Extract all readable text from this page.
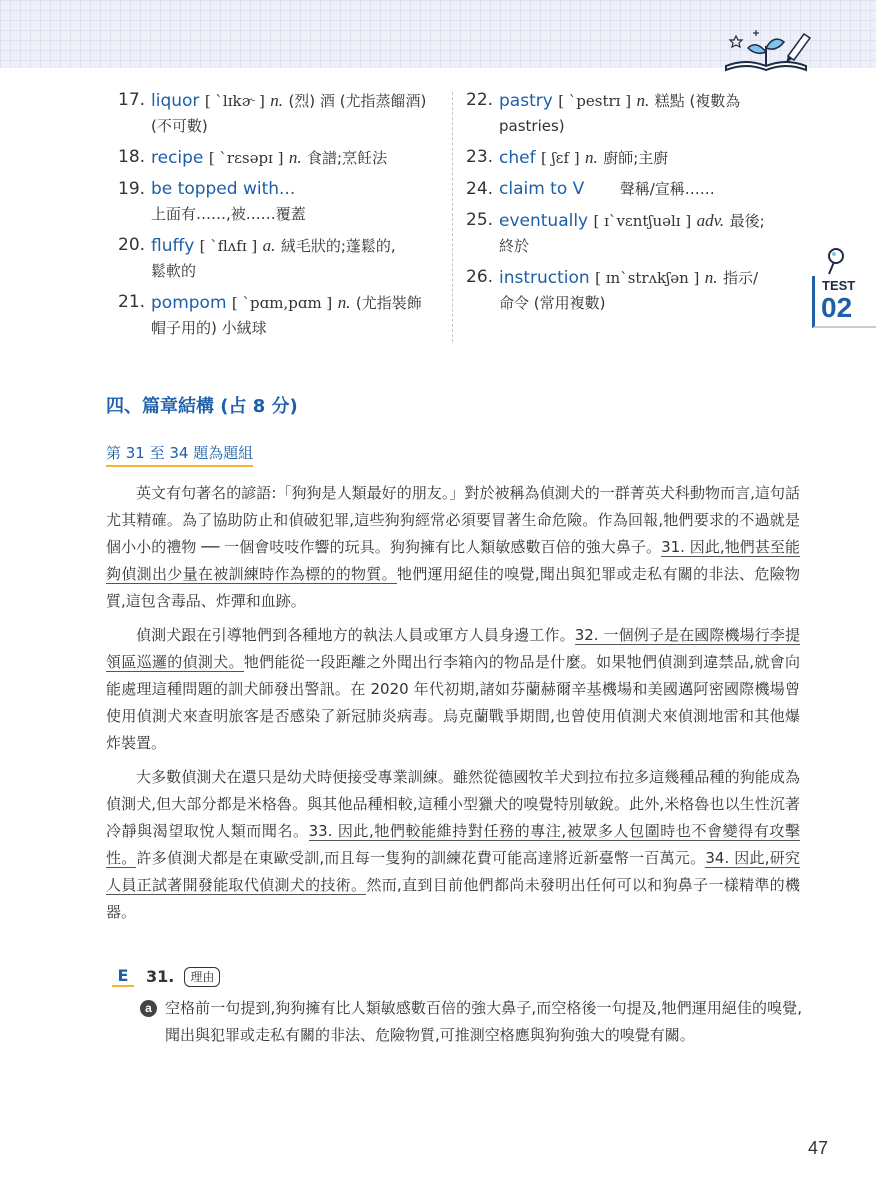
17. liquor [ ˋlɪkɚ ] n. (烈) 酒 (尤指蒸餾酒)
(不可數)
18. recipe [ ˋrɛsəpɪ ] n. 食譜;烹飪法
19. be topped with...
上面有……,被……覆蓋
20. fluffy [ ˋflʌfɪ ] a. 絨毛狀的;蓬鬆的,
鬆軟的
21. pompom [ ˋpɑm,pɑm ] n. (尤指裝飾
帽子用的) 小絨球
22. pastry [ ˋpestrɪ ] n. 糕點 (複數為
pastries)
23. chef [ ʃɛf ] n. 廚師;主廚
24. claim to V 聲稱/宣稱……
25. eventually [ ɪˋvɛntʃuəlɪ ] adv. 最後;
終於
26. instruction [ ɪnˋstrʌkʃən ] n. 指示/
命令 (常用複數)
TEST
02
四、篇章結構 (占 8 分)
第 31 至 34 題為題組

英文有句著名的諺語:「狗狗是人類最好的朋友。」對於被稱為偵測犬的一群菁英犬科動物而言,這句話尤其精確。為了協助防止和偵破犯罪,這些狗狗經常必須要冒著生命危險。作為回報,牠們要求的不過就是個小小的禮物 ── 一個會吱吱作響的玩具。狗狗擁有比人類敏感數百倍的強大鼻子。31. 因此,牠們甚至能夠偵測出少量在被訓練時作為標的的物質。牠們運用絕佳的嗅覺,聞出與犯罪或走私有關的非法、危險物質,這包含毒品、炸彈和血跡。

偵測犬跟在引導牠們到各種地方的執法人員或軍方人員身邊工作。32. 一個例子是在國際機場行李提領區巡邏的偵測犬。牠們能從一段距離之外聞出行李箱內的物品是什麼。如果牠們偵測到違禁品,就會向能處理這種問題的訓犬師發出警訊。在 2020 年代初期,諸如芬蘭赫爾辛基機場和美國邁阿密國際機場曾使用偵測犬來查明旅客是否感染了新冠肺炎病毒。烏克蘭戰爭期間,也曾使用偵測犬來偵測地雷和其他爆炸裝置。

大多數偵測犬在還只是幼犬時便接受專業訓練。雖然從德國牧羊犬到拉布拉多這幾種品種的狗能成為偵測犬,但大部分都是米格魯。與其他品種相較,這種小型獵犬的嗅覺特別敏銳。此外,米格魯也以生性沉著冷靜與渴望取悅人類而聞名。33. 因此,牠們較能維持對任務的專注,被眾多人包圍時也不會變得有攻擊性。許多偵測犬都是在東歐受訓,而且每一隻狗的訓練花費可能高達將近新臺幣一百萬元。34. 因此,研究人員正試著開發能取代偵測犬的技術。然而,直到目前他們都尚未發明出任何可以和狗鼻子一樣精準的機器。

E	31.	理由
a 空格前一句提到,狗狗擁有比人類敏感數百倍的強大鼻子,而空格後一句提及,牠們運用絕佳的嗅覺,聞出與犯罪或走私有關的非法、危險物質,可推測空格應與狗狗強大的嗅覺有關。
47
